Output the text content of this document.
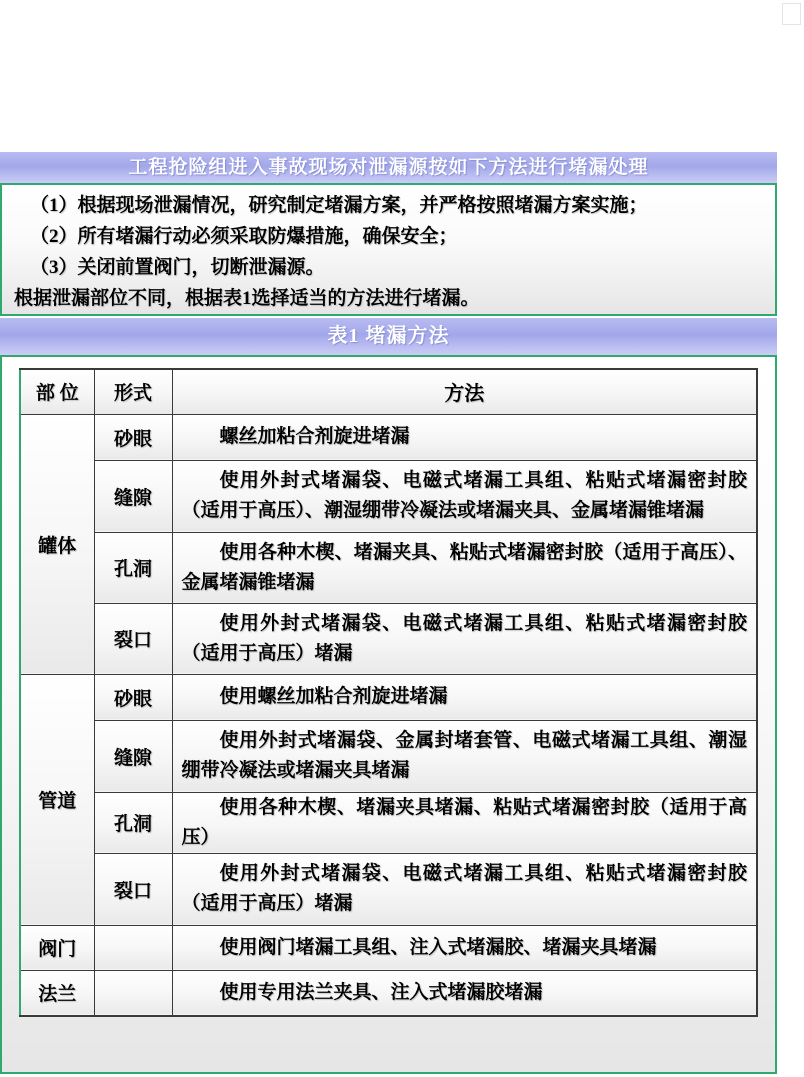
工程抢险组进入事故现场对泄漏源按如下方法进行堵漏处理

（1）根据现场泄漏情况，研究制定堵漏方案，并严格按照堵漏方案实施；

（2）所有堵漏行动必须采取防爆措施，确保安全；

（3）关闭前置阀门，切断泄漏源。

根据泄漏部位不同，根据表1选择适当的方法进行堵漏。

表1 堵漏方法
部 位	形式	方法
罐体	砂眼	螺丝加粘合剂旋进堵漏

	缝隙	使用外封式堵漏袋、电磁式堵漏工具组、粘贴式堵漏密封胶（适用于高压）、潮湿绷带冷凝法或堵漏夹具、金属堵漏锥堵漏

	孔洞	使用各种木楔、堵漏夹具、粘贴式堵漏密封胶（适用于高压）、金属堵漏锥堵漏

	裂口	使用外封式堵漏袋、电磁式堵漏工具组、粘贴式堵漏密封胶（适用于高压）堵漏

管道	砂眼	使用螺丝加粘合剂旋进堵漏

	缝隙	使用外封式堵漏袋、金属封堵套管、电磁式堵漏工具组、潮湿绷带冷凝法或堵漏夹具堵漏

	孔洞	使用各种木楔、堵漏夹具堵漏、粘贴式堵漏密封胶（适用于高压）

	裂口	使用外封式堵漏袋、电磁式堵漏工具组、粘贴式堵漏密封胶（适用于高压）堵漏

阀门		使用阀门堵漏工具组、注入式堵漏胶、堵漏夹具堵漏

法兰		使用专用法兰夹具、注入式堵漏胶堵漏
